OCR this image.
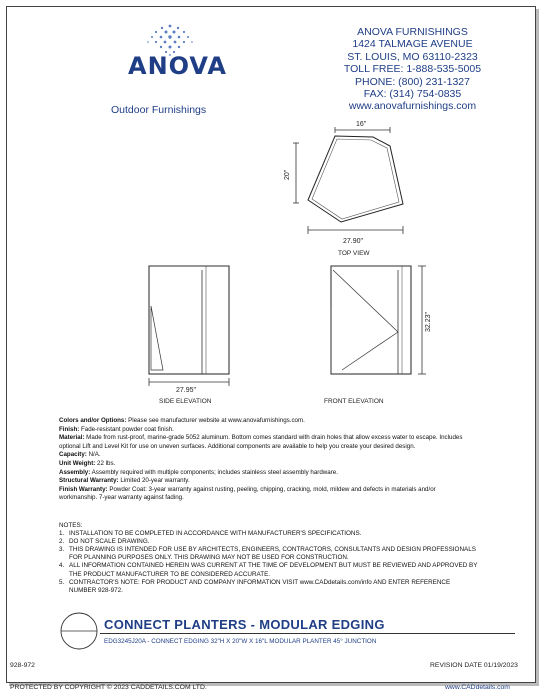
ANOVA
Outdoor Furnishings
ANOVA FURNISHINGS
1424 TALMAGE AVENUE
ST. LOUIS, MO 63110-2323
TOLL FREE: 1-888-535-5005
PHONE: (800) 231-1327
FAX: (314) 754-0835
www.anovafurnishings.com
16"
20"
27.90"
TOP VIEW
27.95"
SIDE ELEVATION
32.23"
FRONT ELEVATION
Colors and/or Options: Please see manufacturer website at www.anovafurnishings.com.
Finish: Fade-resistant powder coat finish.
Material: Made from rust-proof, marine-grade 5052 aluminum. Bottom comes standard with drain holes that allow excess water to escape. Includes optional Lift and Level Kit for use on uneven surfaces. Additional components are available to help you create your desired design.
Capacity: N/A.
Unit Weight: 22 lbs.
Assembly: Assembly required with multiple components; includes stainless steel assembly hardware.
Structural Warranty: Limited 20-year warranty.
Finish Warranty: Powder Coat: 3-year warranty against rusting, peeling, chipping, cracking, mold, mildew and defects in materials and/or workmanship. 7-year warranty against fading.
NOTES:
1. INSTALLATION TO BE COMPLETED IN ACCORDANCE WITH MANUFACTURER'S SPECIFICATIONS.
2. DO NOT SCALE DRAWING.
3. THIS DRAWING IS INTENDED FOR USE BY ARCHITECTS, ENGINEERS, CONTRACTORS, CONSULTANTS AND DESIGN PROFESSIONALS FOR PLANNING PURPOSES ONLY. THIS DRAWING MAY NOT BE USED FOR CONSTRUCTION.
4. ALL INFORMATION CONTAINED HEREIN WAS CURRENT AT THE TIME OF DEVELOPMENT BUT MUST BE REVIEWED AND APPROVED BY THE PRODUCT MANUFACTURER TO BE CONSIDERED ACCURATE.
5. CONTRACTOR'S NOTE: FOR PRODUCT AND COMPANY INFORMATION VISIT www.CADdetails.com/info AND ENTER REFERENCE NUMBER 928-972.
CONNECT PLANTERS - MODULAR EDGING
EDG3245J20A - CONNECT EDGING 32"H X 20"W X 16"L MODULAR PLANTER 45° JUNCTION
928-972	REVISION DATE 01/19/2023
PROTECTED BY COPYRIGHT © 2023 CADDETAILS.COM LTD.	www.CADdetails.com
